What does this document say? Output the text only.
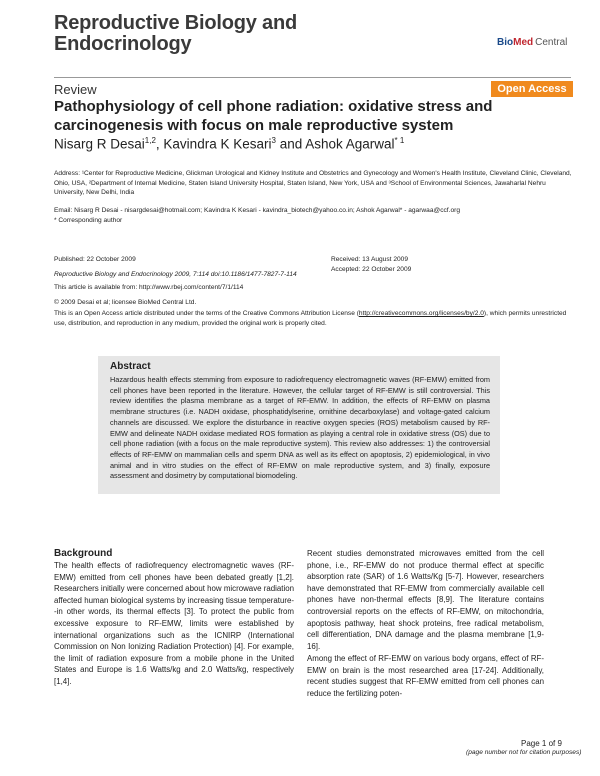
Reproductive Biology and
Endocrinology	BioMed Central
Review	Open Access
Pathophysiology of cell phone radiation: oxidative stress and
carcinogenesis with focus on male reproductive system
Nisarg R Desai$^{1,2}$, Kavindra K Kesari$^3$ and Ashok Agarwal$^{* 1}$
Address: ¹Center for Reproductive Medicine, Glickman Urological and Kidney Institute and Obstetrics and Gynecology and Women's Health Institute, Cleveland Clinic, Cleveland, Ohio, USA, ²Department of Internal Medicine, Staten Island University Hospital, Staten Island, New York, USA and ³School of Environmental Sciences, Jawaharlal Nehru University, New Delhi, India
Email: Nisarg R Desai - nisargdesai@hotmail.com; Kavindra K Kesari - kavindra_biotech@yahoo.co.in; Ashok Agarwal* - agarwaa@ccf.org
* Corresponding author
Published: 22 October 2009	Received: 13 August 2009
Accepted: 22 October 2009
Reproductive Biology and Endocrinology 2009, 7:114 doi:10.1186/1477-7827-7-114
This article is available from: http://www.rbej.com/content/7/1/114
© 2009 Desai et al; licensee BioMed Central Ltd.
This is an Open Access article distributed under the terms of the Creative Commons Attribution License (http://creativecommons.org/licenses/by/2.0), which permits unrestricted use, distribution, and reproduction in any medium, provided the original work is properly cited.
Abstract
Hazardous health effects stemming from exposure to radiofrequency electromagnetic waves (RF-EMW) emitted from cell phones have been reported in the literature. However, the cellular target of RF-EMW is still controversial. This review identifies the plasma membrane as a target of RF-EMW. In addition, the effects of RF-EMW on plasma membrane structures (i.e. NADH oxidase, phosphatidylserine, ornithine decarboxylase) and voltage-gated calcium channels are discussed. We explore the disturbance in reactive oxygen species (ROS) metabolism caused by RF-EMW and delineate NADH oxidase mediated ROS formation as playing a central role in oxidative stress (OS) due to cell phone radiation (with a focus on the male reproductive system). This review also addresses: 1) the controversial effects of RF-EMW on mammalian cells and sperm DNA as well as its effect on apoptosis, 2) epidemiological, in vivo animal and in vitro studies on the effect of RF-EMW on male reproductive system, and 3) finally, exposure assessment and dosimetry by computational biomodeling.
Background
The health effects of radiofrequency electromagnetic waves (RF-EMW) emitted from cell phones have been debated greatly [1,2]. Researchers initially were concerned about how microwave radiation affected human biological systems by increasing tissue temperature--in other words, its thermal effects [3]. To protect the public from excessive exposure to RF-EMW, limits were established by international organizations such as the ICNIRP (International Commission on Non Ionizing Radiation Protection) [4]. For example, the limit of radiation exposure from a mobile phone in the United States and Europe is 1.6 Watts/kg and 2.0 Watts/kg, respectively [1,4].
Recent studies demonstrated microwaves emitted from the cell phone, i.e., RF-EMW do not produce thermal effect at specific absorption rate (SAR) of 1.6 Watts/Kg [5-7]. However, researchers have demonstrated that RF-EMW from commercially available cell phones have non-thermal effects [8,9]. The literature contains controversial reports on the effects of RF-EMW, on mitochondria, apoptosis pathway, heat shock proteins, free radical metabolism, cell differentiation, DNA damage and the plasma membrane [1,9-16].
Among the effect of RF-EMW on various body organs, effect of RF-EMW on brain is the most researched area [17-24]. Additionally, recent studies suggest that RF-EMW emitted from cell phones can reduce the fertilizing poten-
Page 1 of 9
(page number not for citation purposes)
